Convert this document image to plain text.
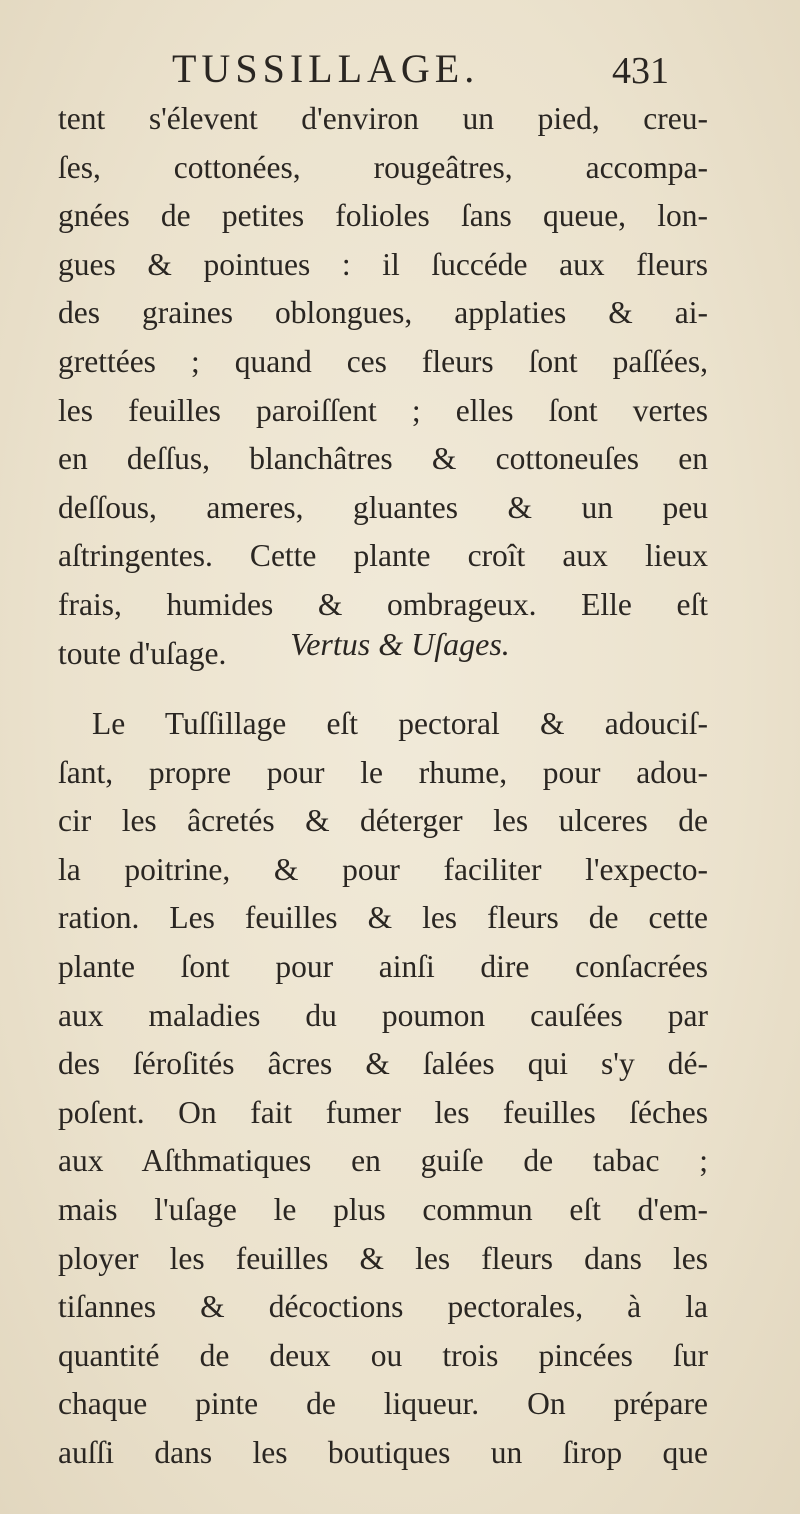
TUSSILLAGE.	431
tent s'élevent d'environ un pied, creu-
ſes, cottonées, rougeâtres, accompa-
gnées de petites folioles ſans queue, lon-
gues & pointues : il ſuccéde aux fleurs
des graines oblongues, applaties & ai-
grettées ; quand ces fleurs ſont paſſées,
les feuilles paroiſſent ; elles ſont vertes
en deſſus, blanchâtres & cottoneuſes en
deſſous, ameres, gluantes & un peu
aſtringentes. Cette plante croît aux lieux
frais, humides & ombrageux. Elle eſt
toute d'uſage.	Vertus & Uſages.
Le Tuſſillage eſt pectoral & adouciſ-
ſant, propre pour le rhume, pour adou-
cir les âcretés & déterger les ulceres de
la poitrine, & pour faciliter l'expecto-
ration. Les feuilles & les fleurs de cette
plante ſont pour ainſi dire conſacrées
aux maladies du poumon cauſées par
des ſéroſités âcres & ſalées qui s'y dé-
poſent. On fait fumer les feuilles ſéches
aux Aſthmatiques en guiſe de tabac ;
mais l'uſage le plus commun eſt d'em-
ployer les feuilles & les fleurs dans les
tiſannes & décoctions pectorales, à la
quantité de deux ou trois pincées ſur
chaque pinte de liqueur. On prépare
auſſi dans les boutiques un ſirop que
